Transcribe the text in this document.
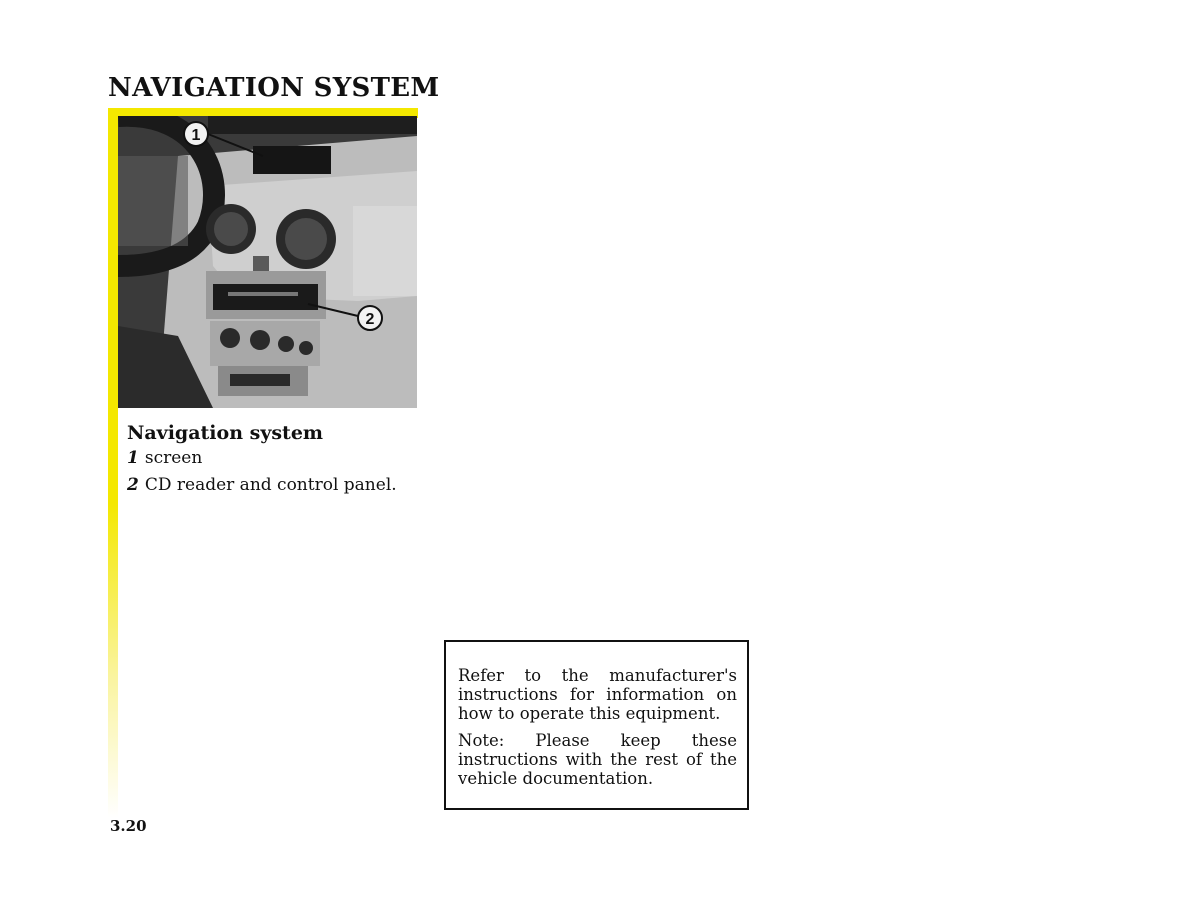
NAVIGATION SYSTEM
1
2
Navigation system
1 screen
2 CD reader and control panel.

Refer to the manufacturer's instructions for information on how to operate this equipment.

Note: Please keep these instructions with the rest of the vehicle documentation.

3.20
